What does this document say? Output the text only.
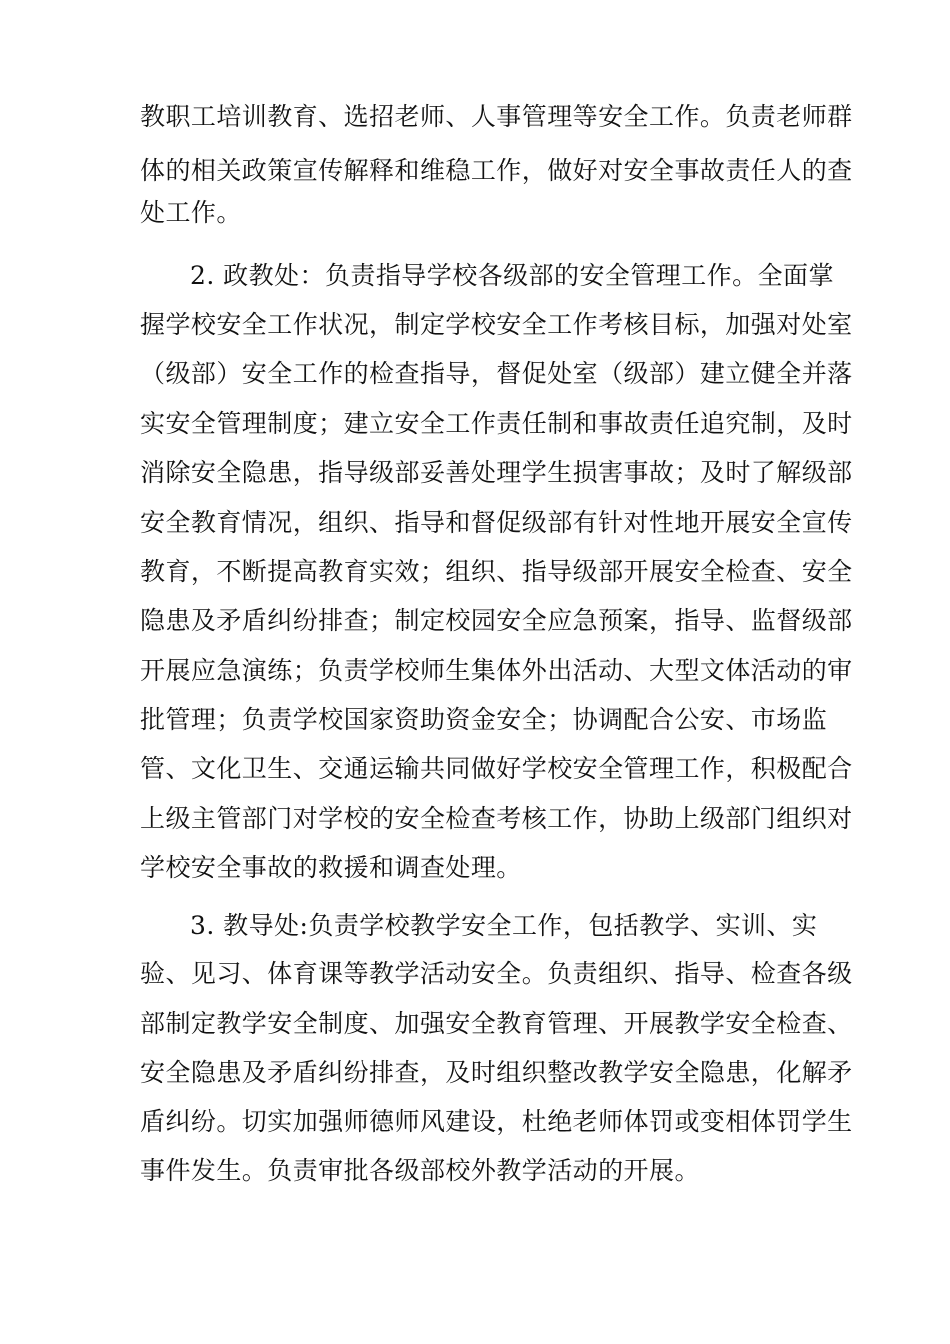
教职工培训教育、选招老师、人事管理等安全工作。负责老师群
体的相关政策宣传解释和维稳工作，做好对安全事故责任人的查
处工作。
2. 政教处：负责指导学校各级部的安全管理工作。全面掌
握学校安全工作状况，制定学校安全工作考核目标，加强对处室
（级部）安全工作的检查指导，督促处室（级部）建立健全并落
实安全管理制度；建立安全工作责任制和事故责任追究制，及时
消除安全隐患，指导级部妥善处理学生损害事故；及时了解级部
安全教育情况，组织、指导和督促级部有针对性地开展安全宣传
教育，不断提高教育实效；组织、指导级部开展安全检查、安全
隐患及矛盾纠纷排查；制定校园安全应急预案，指导、监督级部
开展应急演练；负责学校师生集体外出活动、大型文体活动的审
批管理；负责学校国家资助资金安全；协调配合公安、市场监
管、文化卫生、交通运输共同做好学校安全管理工作，积极配合
上级主管部门对学校的安全检查考核工作，协助上级部门组织对
学校安全事故的救援和调查处理。
3. 教导处:负责学校教学安全工作，包括教学、实训、实
验、见习、体育课等教学活动安全。负责组织、指导、检查各级
部制定教学安全制度、加强安全教育管理、开展教学安全检查、
安全隐患及矛盾纠纷排查，及时组织整改教学安全隐患，化解矛
盾纠纷。切实加强师德师风建设，杜绝老师体罚或变相体罚学生
事件发生。负责审批各级部校外教学活动的开展。
